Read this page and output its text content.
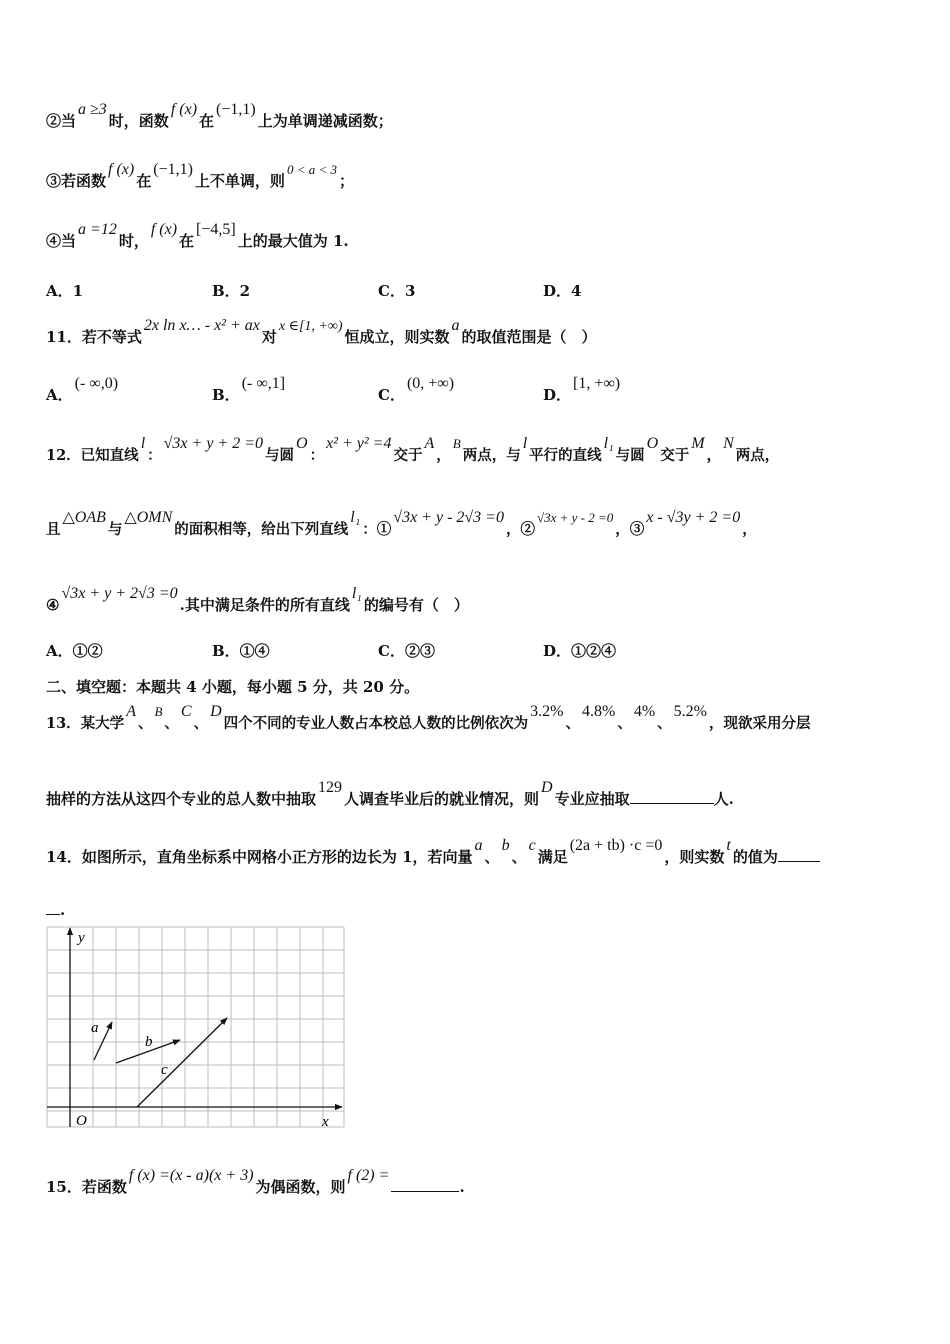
②当a ≥3时，函数f (x)在(−1,1)上为单调递减函数；
③若函数f (x)在(−1,1)上不单调，则0 < a < 3；
④当a =12时，f (x)在[−4,5]上的最大值为 1.
A．1	B．2	C．3	D．4
11．若不等式2x ln x… - x² + ax对x ∈[1, +∞)恒成立，则实数a的取值范围是（　）
A．(- ∞,0)
B．(- ∞,1]
C．(0, +∞)
D．[1, +∞)
12．已知直线l：√3x + y + 2 =0与圆O：x² + y² =4交于A，B两点，与l平行的直线l₁与圆O交于M，N两点，
且△OAB与△OMN的面积相等，给出下列直线l₁：①√3x + y - 2√3 =0，②√3x + y - 2 =0，③x - √3y + 2 =0，
④√3x + y + 2√3 =0.其中满足条件的所有直线l₁的编号有（　）
A．①②	B．①④	C．②③	D．①②④
二、填空题：本题共 4 小题，每小题 5 分，共 20 分。
13．某大学A、B、C、D四个不同的专业人数占本校总人数的比例依次为3.2%、4.8%、4%、5.2%，现欲采用分层
抽样的方法从这四个专业的总人数中抽取129人调查毕业后的就业情况，则D专业应抽取	人.
14．如图所示，直角坐标系中网格小正方形的边长为 1，若向量a、b、c满足(2a + tb) ·c =0，则实数t的值为
.
y
x
O
a
b
c
15．若函数f (x) =(x - a)(x + 3)为偶函数，则f (2) =.
